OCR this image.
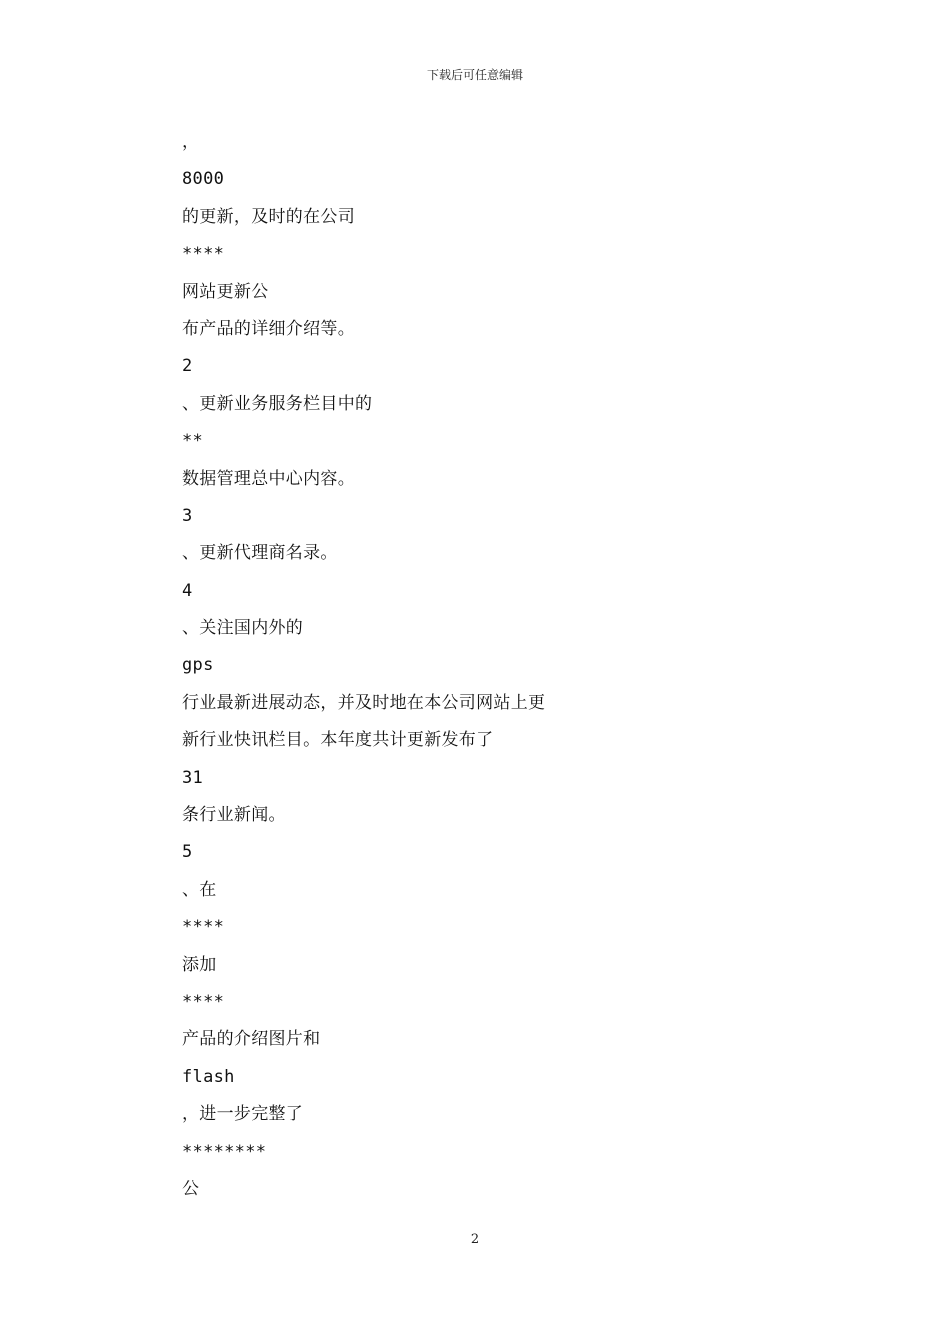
下载后可任意编辑
，
8000
的更新，及时的在公司
****
网站更新公
布产品的详细介绍等。
2
、更新业务服务栏目中的
**
数据管理总中心内容。
3
、更新代理商名录。
4
、关注国内外的
gps
行业最新进展动态，并及时地在本公司网站上更
新行业快讯栏目。本年度共计更新发布了
31
条行业新闻。
5
、在
****
添加
****
产品的介绍图片和
flash
，进一步完整了
********
公
2
